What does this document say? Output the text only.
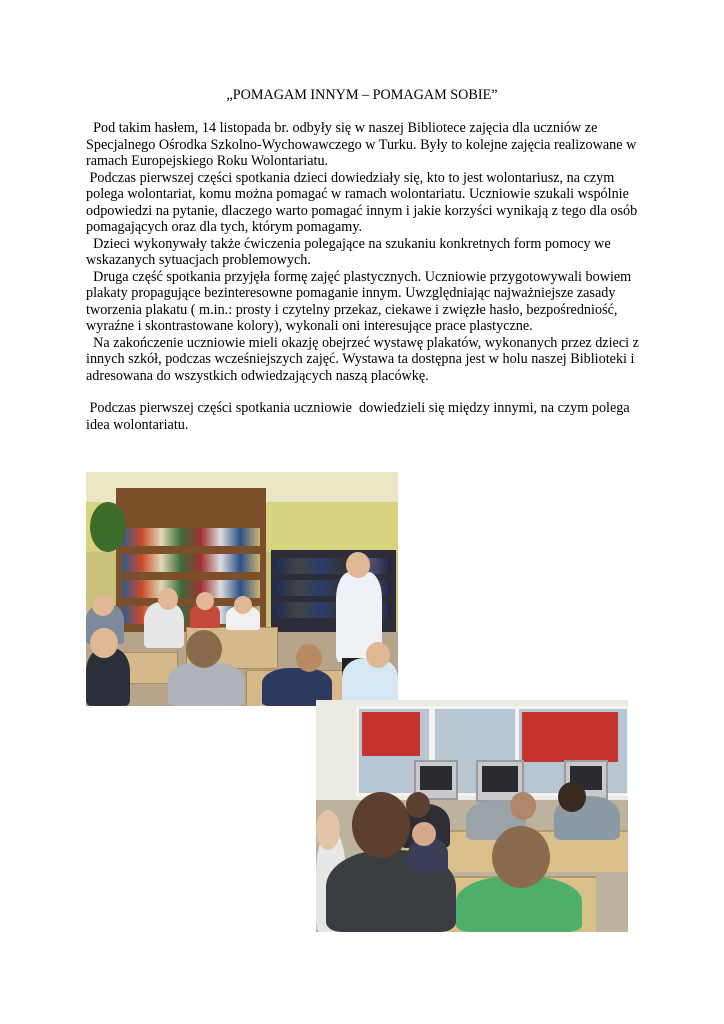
„POMAGAM INNYM – POMAGAM SOBIE”

Pod takim hasłem, 14 listopada br. odbyły się w naszej Bibliotece zajęcia dla uczniów ze Specjalnego Ośrodka Szkolno-Wychowawczego w Turku. Były to kolejne zajęcia realizowane w ramach Europejskiego Roku Wolontariatu.

Podczas pierwszej części spotkania dzieci dowiedziały się, kto to jest wolontariusz, na czym polega wolontariat, komu można pomagać w ramach wolontariatu. Uczniowie szukali wspólnie odpowiedzi na pytanie, dlaczego warto pomagać innym i jakie korzyści wynikają z tego dla osób pomagających oraz dla tych, którym pomagamy.

Dzieci wykonywały także ćwiczenia polegające na szukaniu konkretnych form pomocy we wskazanych sytuacjach problemowych.

Druga część spotkania przyjęła formę zajęć plastycznych. Uczniowie przygotowywali bowiem plakaty propagujące bezinteresowne pomaganie innym. Uwzględniając najważniejsze zasady tworzenia plakatu ( m.in.: prosty i czytelny przekaz, ciekawe i zwięzłe hasło, bezpośredniość, wyraźne i skontrastowane kolory), wykonali oni interesujące prace plastyczne.

Na zakończenie uczniowie mieli okazję obejrzeć wystawę plakatów, wykonanych przez dzieci z innych szkół, podczas wcześniejszych zajęć. Wystawa ta dostępna jest w holu naszej Biblioteki i adresowana do wszystkich odwiedzających naszą placówkę.

Podczas pierwszej części spotkania uczniowie  dowiedzieli się między innymi, na czym polega idea wolontariatu.
